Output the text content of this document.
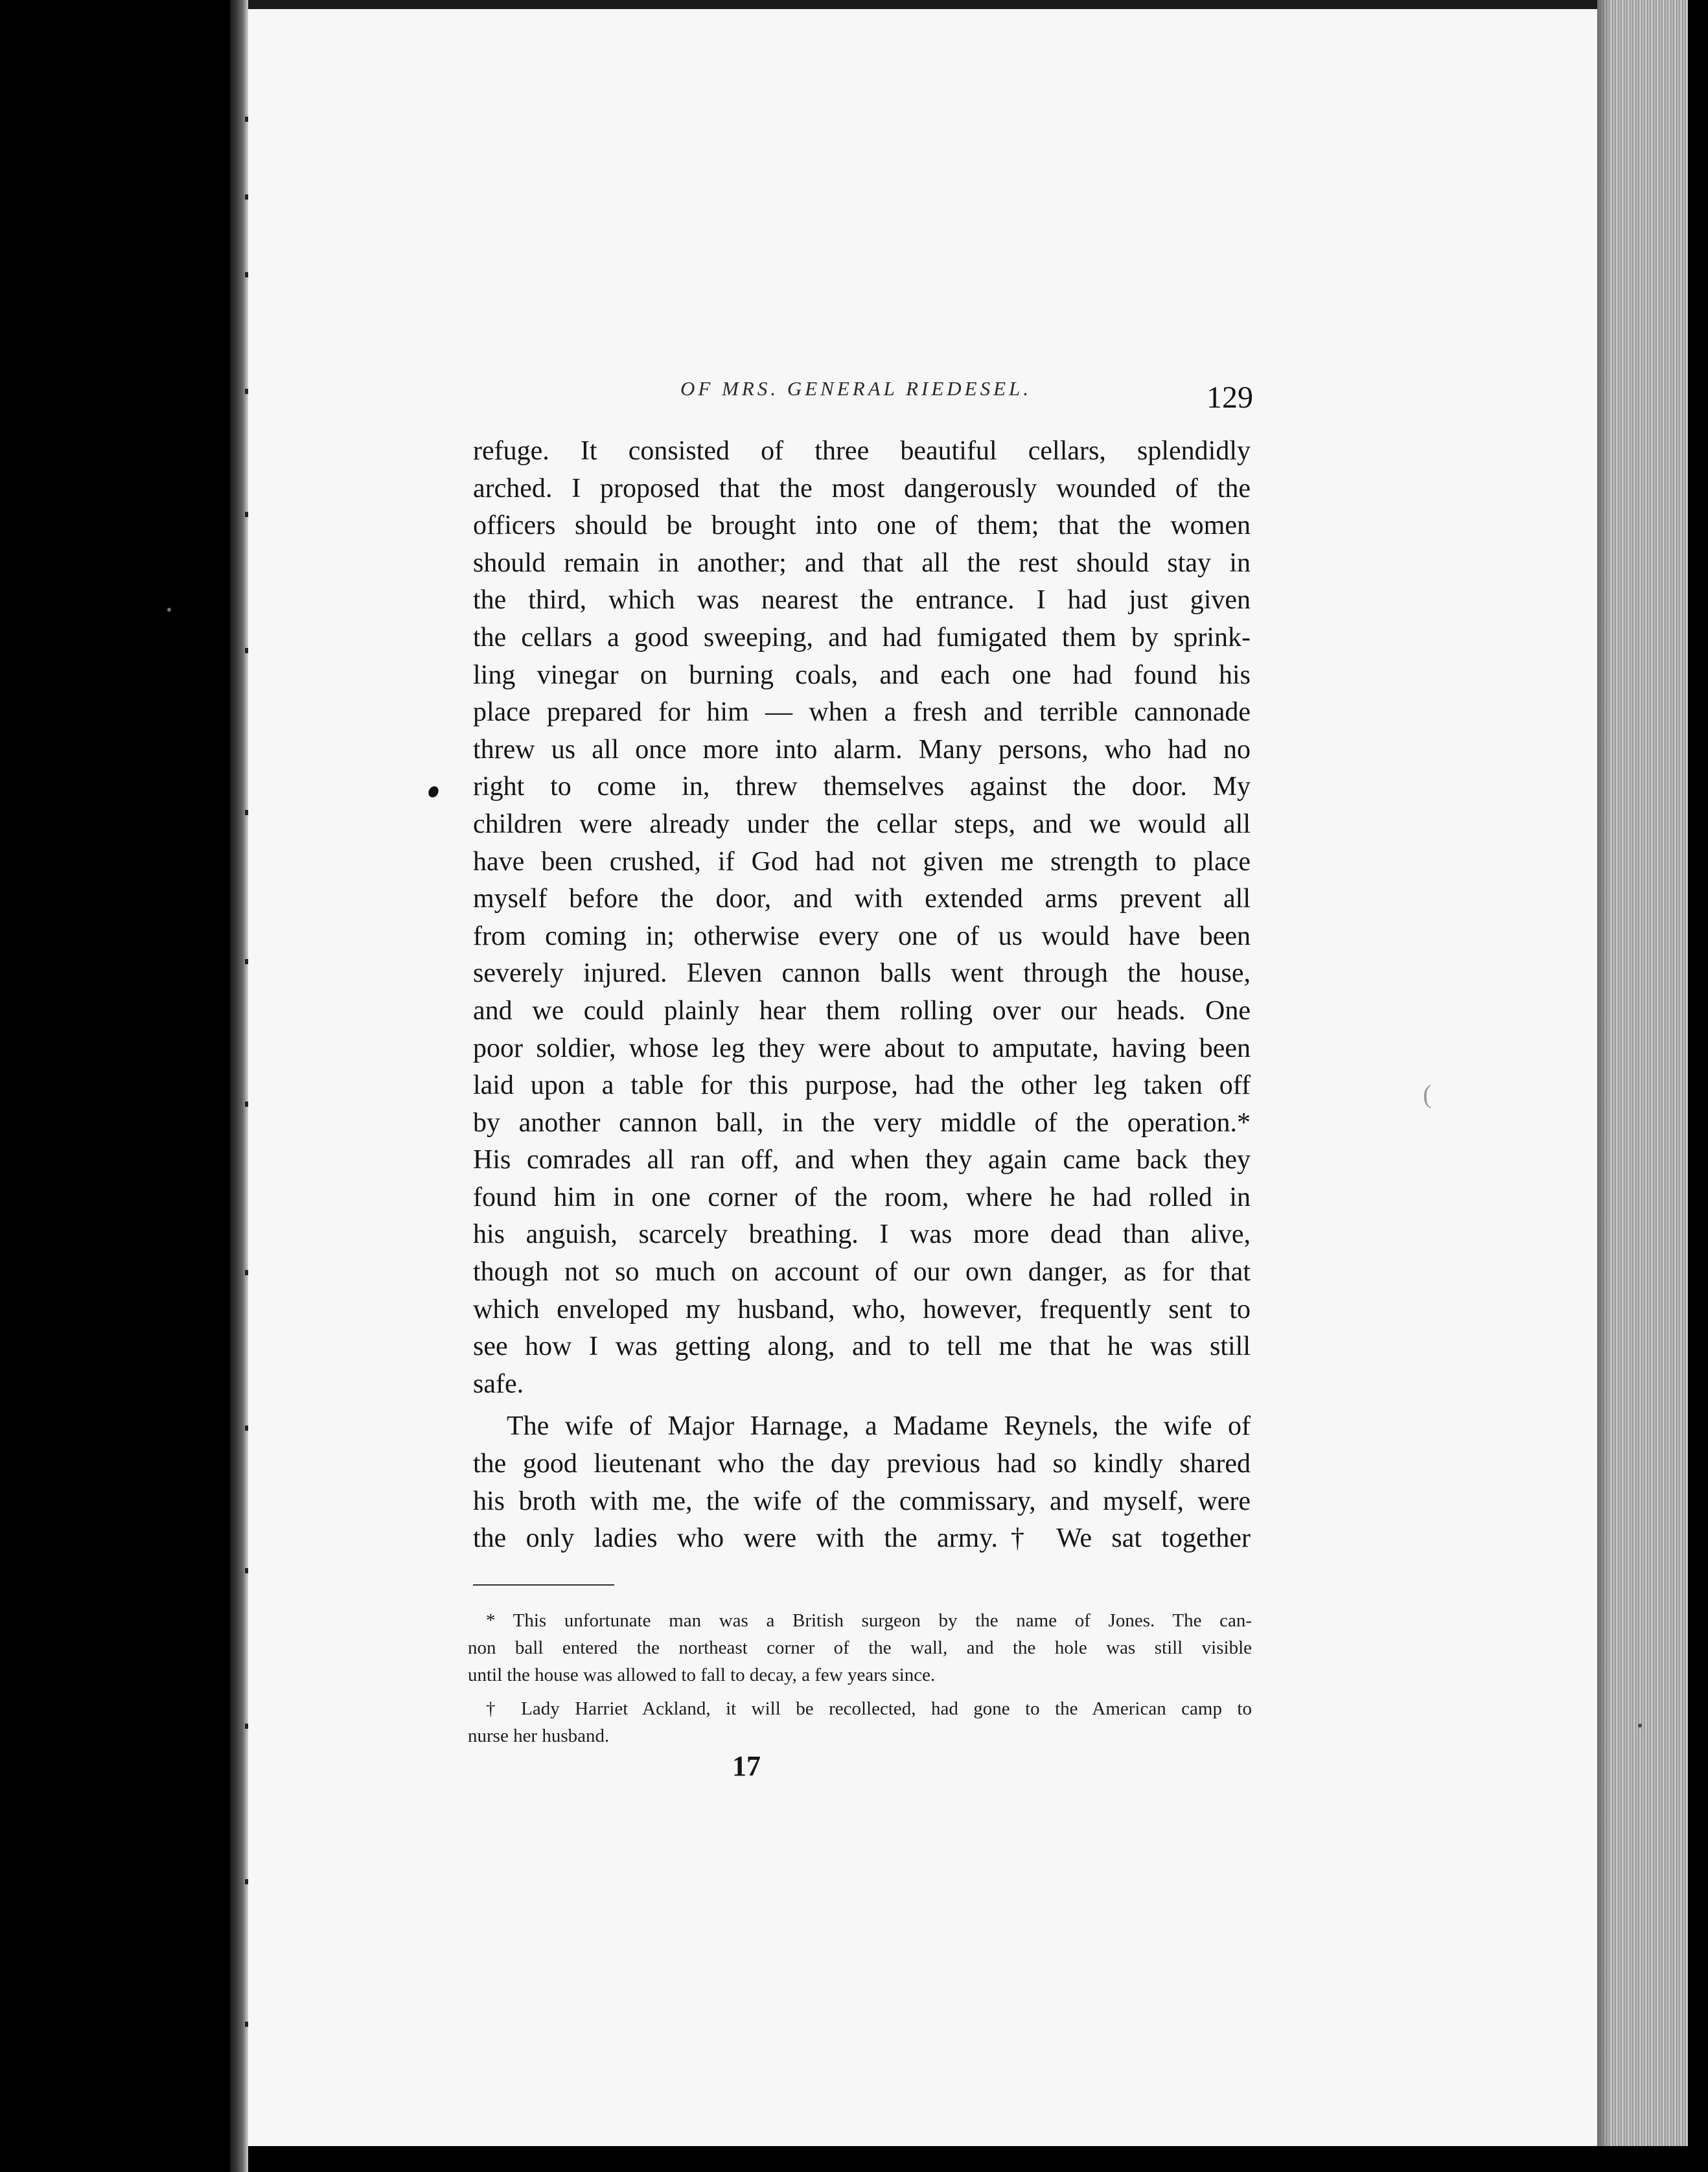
OF MRS. GENERAL RIEDESEL.	129
refuge. It consisted of three beautiful cellars, splendidly
arched. I proposed that the most dangerously wounded of the
officers should be brought into one of them; that the women
should remain in another; and that all the rest should stay in
the third, which was nearest the entrance. I had just given
the cellars a good sweeping, and had fumigated them by sprink-
ling vinegar on burning coals, and each one had found his
place prepared for him — when a fresh and terrible cannonade
threw us all once more into alarm. Many persons, who had no
right to come in, threw themselves against the door. My
children were already under the cellar steps, and we would all
have been crushed, if God had not given me strength to place
myself before the door, and with extended arms prevent all
from coming in; otherwise every one of us would have been
severely injured. Eleven cannon balls went through the house,
and we could plainly hear them rolling over our heads. One
poor soldier, whose leg they were about to amputate, having been
laid upon a table for this purpose, had the other leg taken off
by another cannon ball, in the very middle of the operation.*
His comrades all ran off, and when they again came back they
found him in one corner of the room, where he had rolled in
his anguish, scarcely breathing. I was more dead than alive,
though not so much on account of our own danger, as for that
which enveloped my husband, who, however, frequently sent to
see how I was getting along, and to tell me that he was still
safe.
The wife of Major Harnage, a Madame Reynels, the wife of
the good lieutenant who the day previous had so kindly shared
his broth with me, the wife of the commissary, and myself, were
the only ladies who were with the army.† We sat together
* This unfortunate man was a British surgeon by the name of Jones. The can-
non ball entered the northeast corner of the wall, and the hole was still visible
until the house was allowed to fall to decay, a few years since.
† Lady Harriet Ackland, it will be recollected, had gone to the American camp to
nurse her husband.
17
(
